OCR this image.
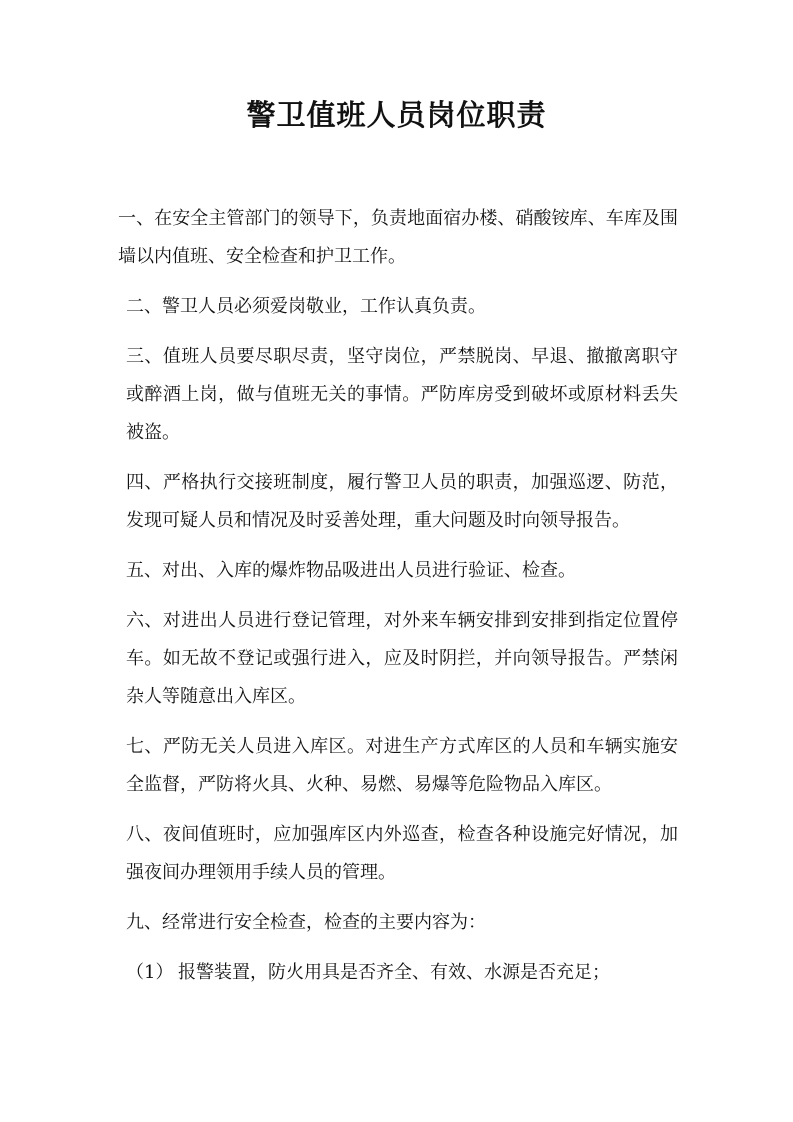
警卫值班人员岗位职责

一、在安全主管部门的领导下，负责地面宿办楼、硝酸铵库、车库及围墙以内值班、安全检查和护卫工作。

二、警卫人员必须爱岗敬业，工作认真负责。

三、值班人员要尽职尽责，坚守岗位，严禁脱岗、早退、撤撤离职守或醉酒上岗，做与值班无关的事情。严防库房受到破坏或原材料丢失被盗。

四、严格执行交接班制度，履行警卫人员的职责，加强巡逻、防范，发现可疑人员和情况及时妥善处理，重大问题及时向领导报告。

五、对出、入库的爆炸物品吸进出人员进行验证、检查。

六、对进出人员进行登记管理，对外来车辆安排到安排到指定位置停车。如无故不登记或强行进入，应及时阴拦，并向领导报告。严禁闲杂人等随意出入库区。

七、严防无关人员进入库区。对进生产方式库区的人员和车辆实施安全监督，严防将火具、火种、易燃、易爆等危险物品入库区。

八、夜间值班时，应加强库区内外巡查，检查各种设施完好情况，加强夜间办理领用手续人员的管理。

九、经常进行安全检查，检查的主要内容为：

（1） 报警装置，防火用具是否齐全、有效、水源是否充足；
